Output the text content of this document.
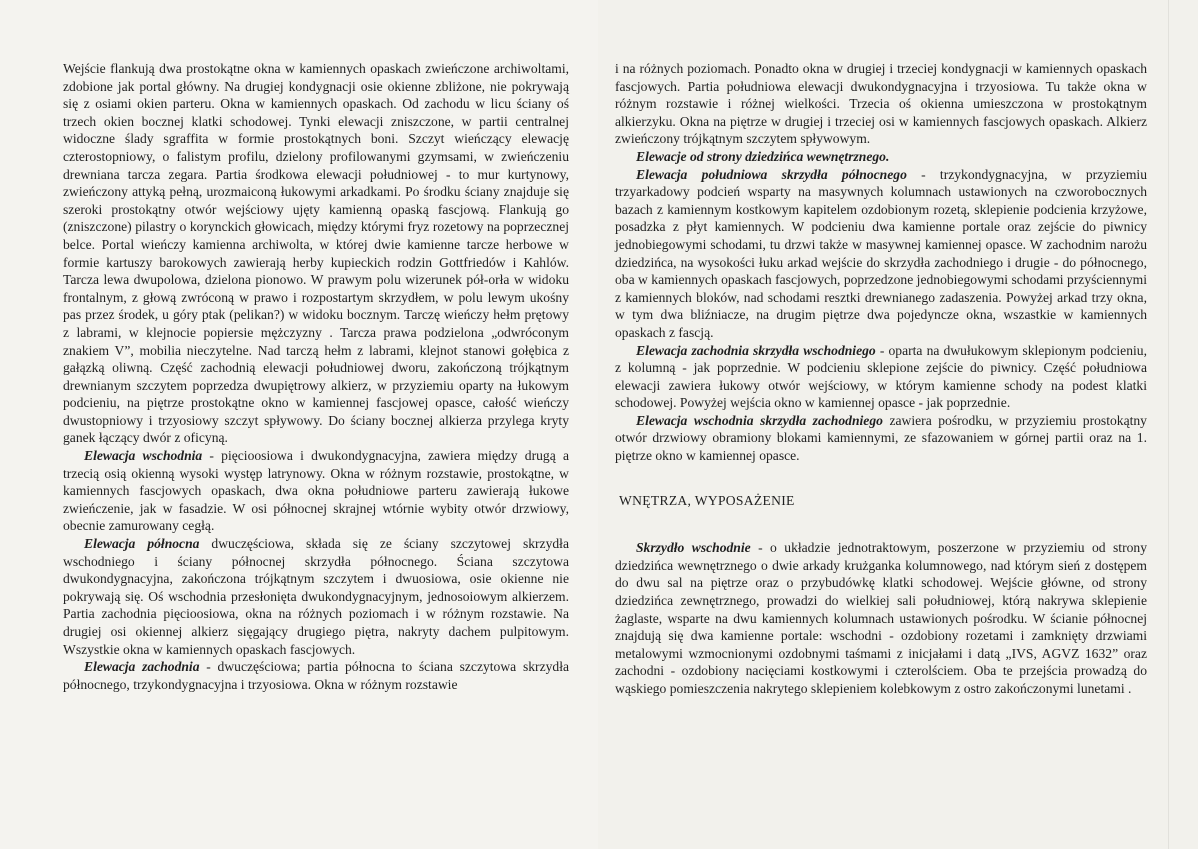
Wejście flankują dwa prostokątne okna w kamiennych opaskach zwieńczone archiwoltami, zdobione jak portal główny. Na drugiej kondygnacji osie okienne zbliżone, nie pokrywają się z osiami okien parteru. Okna w kamiennych opaskach. Od zachodu w licu ściany oś trzech okien bocznej klatki schodowej. Tynki elewacji zniszczone, w partii centralnej widoczne ślady sgraffita w formie prostokątnych boni. Szczyt wieńczący elewację czterostopniowy, o falistym profilu, dzielony profilowanymi gzymsami, w zwieńczeniu drewniana tarcza zegara. Partia środkowa elewacji południowej - to mur kurtynowy, zwieńczony attyką pełną, urozmaiconą łukowymi arkadkami. Po środku ściany znajduje się szeroki prostokątny otwór wejściowy ujęty kamienną opaską fascjową. Flankują go (zniszczone) pilastry o korynckich głowicach, między którymi fryz rozetowy na poprzecznej belce. Portal wieńczy kamienna archiwolta, w której dwie kamienne tarcze herbowe w formie kartuszy barokowych zawierają herby kupieckich rodzin Gottfriedów i Kahlów. Tarcza lewa dwupolowa, dzielona pionowo. W prawym polu wizerunek pół-orła w widoku frontalnym, z głową zwróconą w prawo i rozpostartym skrzydłem, w polu lewym ukośny pas przez środek, u góry ptak (pelikan?) w widoku bocznym. Tarczę wieńczy hełm prętowy z labrami, w klejnocie popiersie mężczyzny . Tarcza prawa podzielona „odwróconym znakiem V”, mobilia nieczytelne. Nad tarczą hełm z labrami, klejnot stanowi gołębica z gałązką oliwną. Część zachodnią elewacji południowej dworu, zakończoną trójkątnym drewnianym szczytem poprzedza dwupiętrowy alkierz, w przyziemiu oparty na łukowym podcieniu, na piętrze prostokątne okno w kamiennej fascjowej opasce, całość wieńczy dwustopniowy i trzyosiowy szczyt spływowy. Do ściany bocznej alkierza przylega kryty ganek łączący dwór z oficyną.

Elewacja wschodnia - pięcioosiowa i dwukondygnacyjna, zawiera między drugą a trzecią osią okienną wysoki występ latrynowy. Okna w różnym rozstawie, prostokątne, w kamiennych fascjowych opaskach, dwa okna południowe parteru zawierają łukowe zwieńczenie, jak w fasadzie. W osi północnej skrajnej wtórnie wybity otwór drzwiowy, obecnie zamurowany cegłą.

Elewacja północna dwuczęściowa, składa się ze ściany szczytowej skrzydła wschodniego i ściany północnej skrzydła północnego. Ściana szczytowa dwukondygnacyjna, zakończona trójkątnym szczytem i dwuosiowa, osie okienne nie pokrywają się. Oś wschodnia przesłonięta dwukondygnacyjnym, jednosoiowym alkierzem. Partia zachodnia pięcioosiowa, okna na różnych poziomach i w różnym rozstawie. Na drugiej osi okiennej alkierz sięgający drugiego piętra, nakryty dachem pulpitowym. Wszystkie okna w kamiennych opaskach fascjowych.

Elewacja zachodnia - dwuczęściowa; partia północna to ściana szczytowa skrzydła północnego, trzykondygnacyjna i trzyosiowa. Okna w różnym rozstawie

i na różnych poziomach. Ponadto okna w drugiej i trzeciej kondygnacji w kamiennych opaskach fascjowych. Partia południowa elewacji dwukondygnacyjna i trzyosiowa. Tu także okna w różnym rozstawie i różnej wielkości. Trzecia oś okienna umieszczona w prostokątnym alkierzyku. Okna na piętrze w drugiej i trzeciej osi w kamiennych fascjowych opaskach. Alkierz zwieńczony trójkątnym szczytem spływowym.

Elewacje od strony dziedzińca wewnętrznego.

Elewacja południowa skrzydła północnego - trzykondygnacyjna, w przyziemiu trzyarkadowy podcień wsparty na masywnych kolumnach ustawionych na czworobocznych bazach z kamiennym kostkowym kapitelem ozdobionym rozetą, sklepienie podcienia krzyżowe, posadzka z płyt kamiennych. W podcieniu dwa kamienne portale oraz zejście do piwnicy jednobiegowymi schodami, tu drzwi także w masywnej kamiennej opasce. W zachodnim narożu dziedzińca, na wysokości łuku arkad wejście do skrzydła zachodniego i drugie - do północnego, oba w kamiennych opaskach fascjowych, poprzedzone jednobiegowymi schodami przyściennymi z kamiennych bloków, nad schodami resztki drewnianego zadaszenia. Powyżej arkad trzy okna, w tym dwa bliźniacze, na drugim piętrze dwa pojedyncze okna, wszastkie w kamiennych opaskach z fascją.

Elewacja zachodnia skrzydła wschodniego - oparta na dwułukowym sklepionym podcieniu, z kolumną - jak poprzednie. W podcieniu sklepione zejście do piwnicy. Część południowa elewacji zawiera łukowy otwór wejściowy, w którym kamienne schody na podest klatki schodowej. Powyżej wejścia okno w kamiennej opasce - jak poprzednie.

Elewacja wschodnia skrzydła zachodniego zawiera pośrodku, w przyziemiu prostokątny otwór drzwiowy obramiony blokami kamiennymi, ze sfazowaniem w górnej partii oraz na 1. piętrze okno w kamiennej opasce.

WNĘTRZA, WYPOSAŻENIE

Skrzydło wschodnie - o układzie jednotraktowym, poszerzone w przyziemiu od strony dziedzińca wewnętrznego o dwie arkady krużganka kolumnowego, nad którym sień z dostępem do dwu sal na piętrze oraz o przybudówkę klatki schodowej. Wejście główne, od strony dziedzińca zewnętrznego, prowadzi do wielkiej sali południowej, którą nakrywa sklepienie żaglaste, wsparte na dwu kamiennych kolumnach ustawionych pośrodku. W ścianie północnej znajdują się dwa kamienne portale: wschodni - ozdobiony rozetami i zamknięty drzwiami metalowymi wzmocnionymi ozdobnymi taśmami z inicjałami i datą „IVS, AGVZ 1632” oraz zachodni - ozdobiony nacięciami kostkowymi i czterolściem. Oba te przejścia prowadzą do wąskiego pomieszczenia nakrytego sklepieniem kolebkowym z ostro zakończonymi lunetami .
